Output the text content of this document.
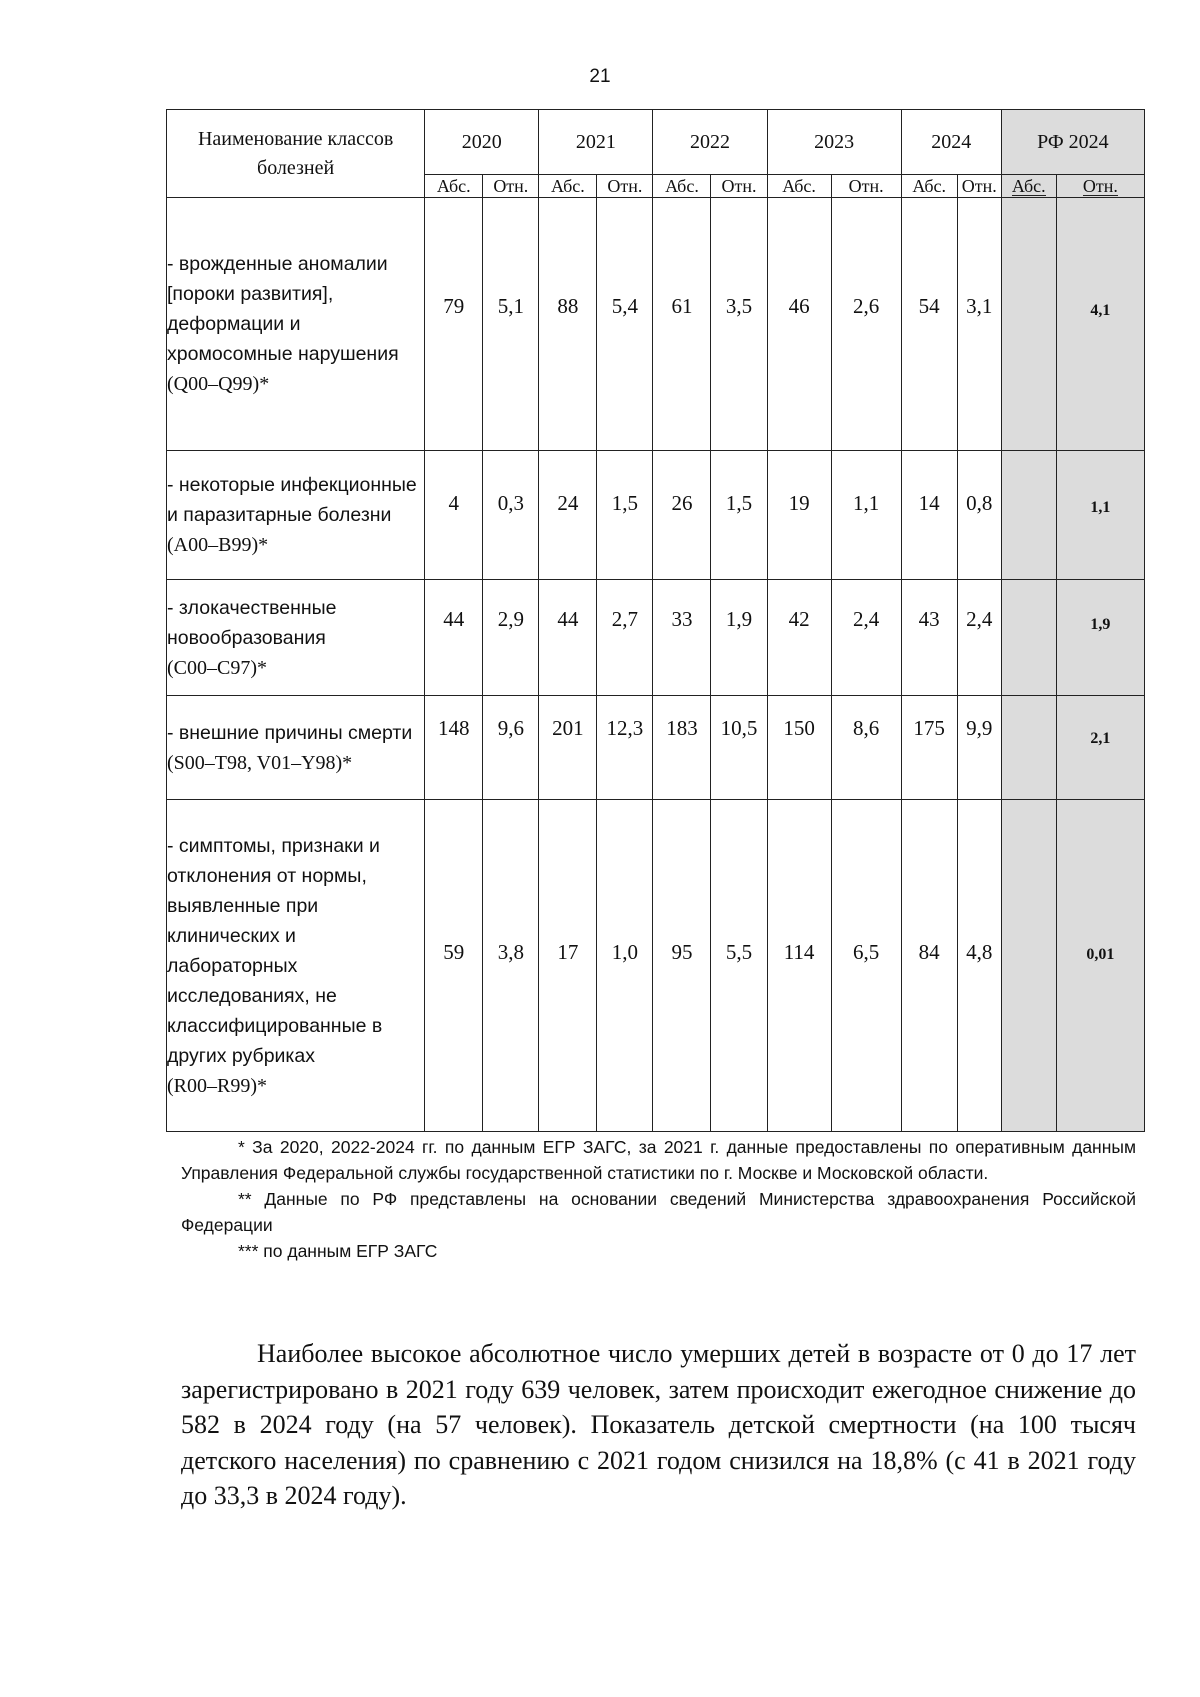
21
Наименование классов болезней	2020		2021		2022		2023		2024		РФ 2024	
	Абс.	Отн.	Абс.	Отн.	Абс.	Отн.	Абс.	Отн.	Абс.	Отн.	Абс.	Отн.
- врожденные аномалии [пороки развития], деформации и хромосомные нарушения
(Q00–Q99)*	79	5,1	88	5,4	61	3,5	46	2,6	54	3,1		4,1
- некоторые инфекционные и паразитарные болезни
(A00–B99)*	4	0,3	24	1,5	26	1,5	19	1,1	14	0,8		1,1
- злокачественные новообразования
(C00–C97)*	44	2,9	44	2,7	33	1,9	42	2,4	43	2,4		1,9
- внешние причины смерти (S00–T98, V01–Y98)*	148	9,6	201	12,3	183	10,5	150	8,6	175	9,9		2,1
- симптомы, признаки и отклонения от нормы, выявленные при клинических и лабораторных исследованиях, не классифицированные в других рубриках
(R00–R99)*	59	3,8	17	1,0	95	5,5	114	6,5	84	4,8		0,01

* За 2020, 2022-2024 гг. по данным ЕГР ЗАГС, за 2021 г. данные предоставлены по оперативным данным Управления Федеральной службы государственной статистики по г. Москве и Московской области.

** Данные по РФ представлены на основании сведений Министерства здравоохранения Российской Федерации

*** по данным ЕГР ЗАГС

Наиболее высокое абсолютное число умерших детей в возрасте от 0 до 17 лет зарегистрировано в 2021 году 639 человек, затем происходит ежегодное снижение до 582 в 2024 году (на 57 человек). Показатель детской смертности (на 100 тысяч детского населения) по сравнению с 2021 годом снизился на 18,8% (с 41 в 2021 году до 33,3 в 2024 году).
